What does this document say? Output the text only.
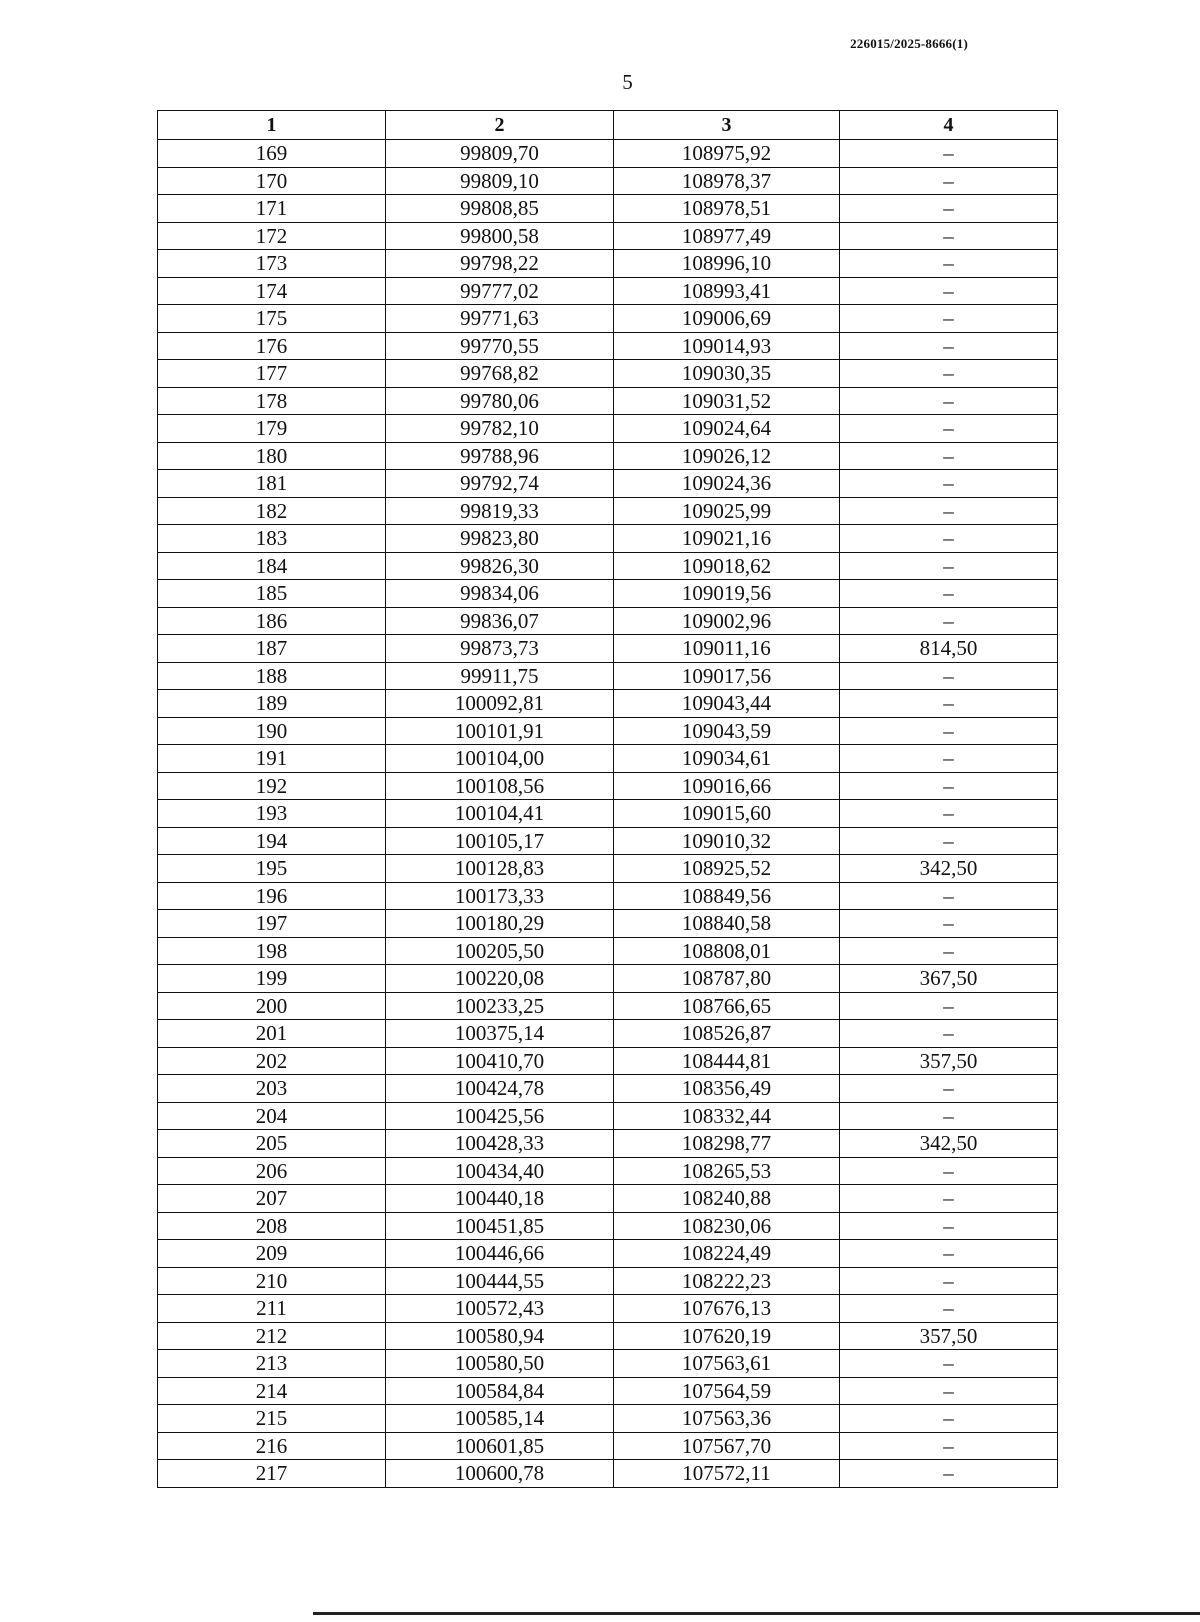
226015/2025-8666(1)
5
1	2	3	4
169	99809,70	108975,92	–
170	99809,10	108978,37	–
171	99808,85	108978,51	–
172	99800,58	108977,49	–
173	99798,22	108996,10	–
174	99777,02	108993,41	–
175	99771,63	109006,69	–
176	99770,55	109014,93	–
177	99768,82	109030,35	–
178	99780,06	109031,52	–
179	99782,10	109024,64	–
180	99788,96	109026,12	–
181	99792,74	109024,36	–
182	99819,33	109025,99	–
183	99823,80	109021,16	–
184	99826,30	109018,62	–
185	99834,06	109019,56	–
186	99836,07	109002,96	–
187	99873,73	109011,16	814,50
188	99911,75	109017,56	–
189	100092,81	109043,44	–
190	100101,91	109043,59	–
191	100104,00	109034,61	–
192	100108,56	109016,66	–
193	100104,41	109015,60	–
194	100105,17	109010,32	–
195	100128,83	108925,52	342,50
196	100173,33	108849,56	–
197	100180,29	108840,58	–
198	100205,50	108808,01	–
199	100220,08	108787,80	367,50
200	100233,25	108766,65	–
201	100375,14	108526,87	–
202	100410,70	108444,81	357,50
203	100424,78	108356,49	–
204	100425,56	108332,44	–
205	100428,33	108298,77	342,50
206	100434,40	108265,53	–
207	100440,18	108240,88	–
208	100451,85	108230,06	–
209	100446,66	108224,49	–
210	100444,55	108222,23	–
211	100572,43	107676,13	–
212	100580,94	107620,19	357,50
213	100580,50	107563,61	–
214	100584,84	107564,59	–
215	100585,14	107563,36	–
216	100601,85	107567,70	–
217	100600,78	107572,11	–
